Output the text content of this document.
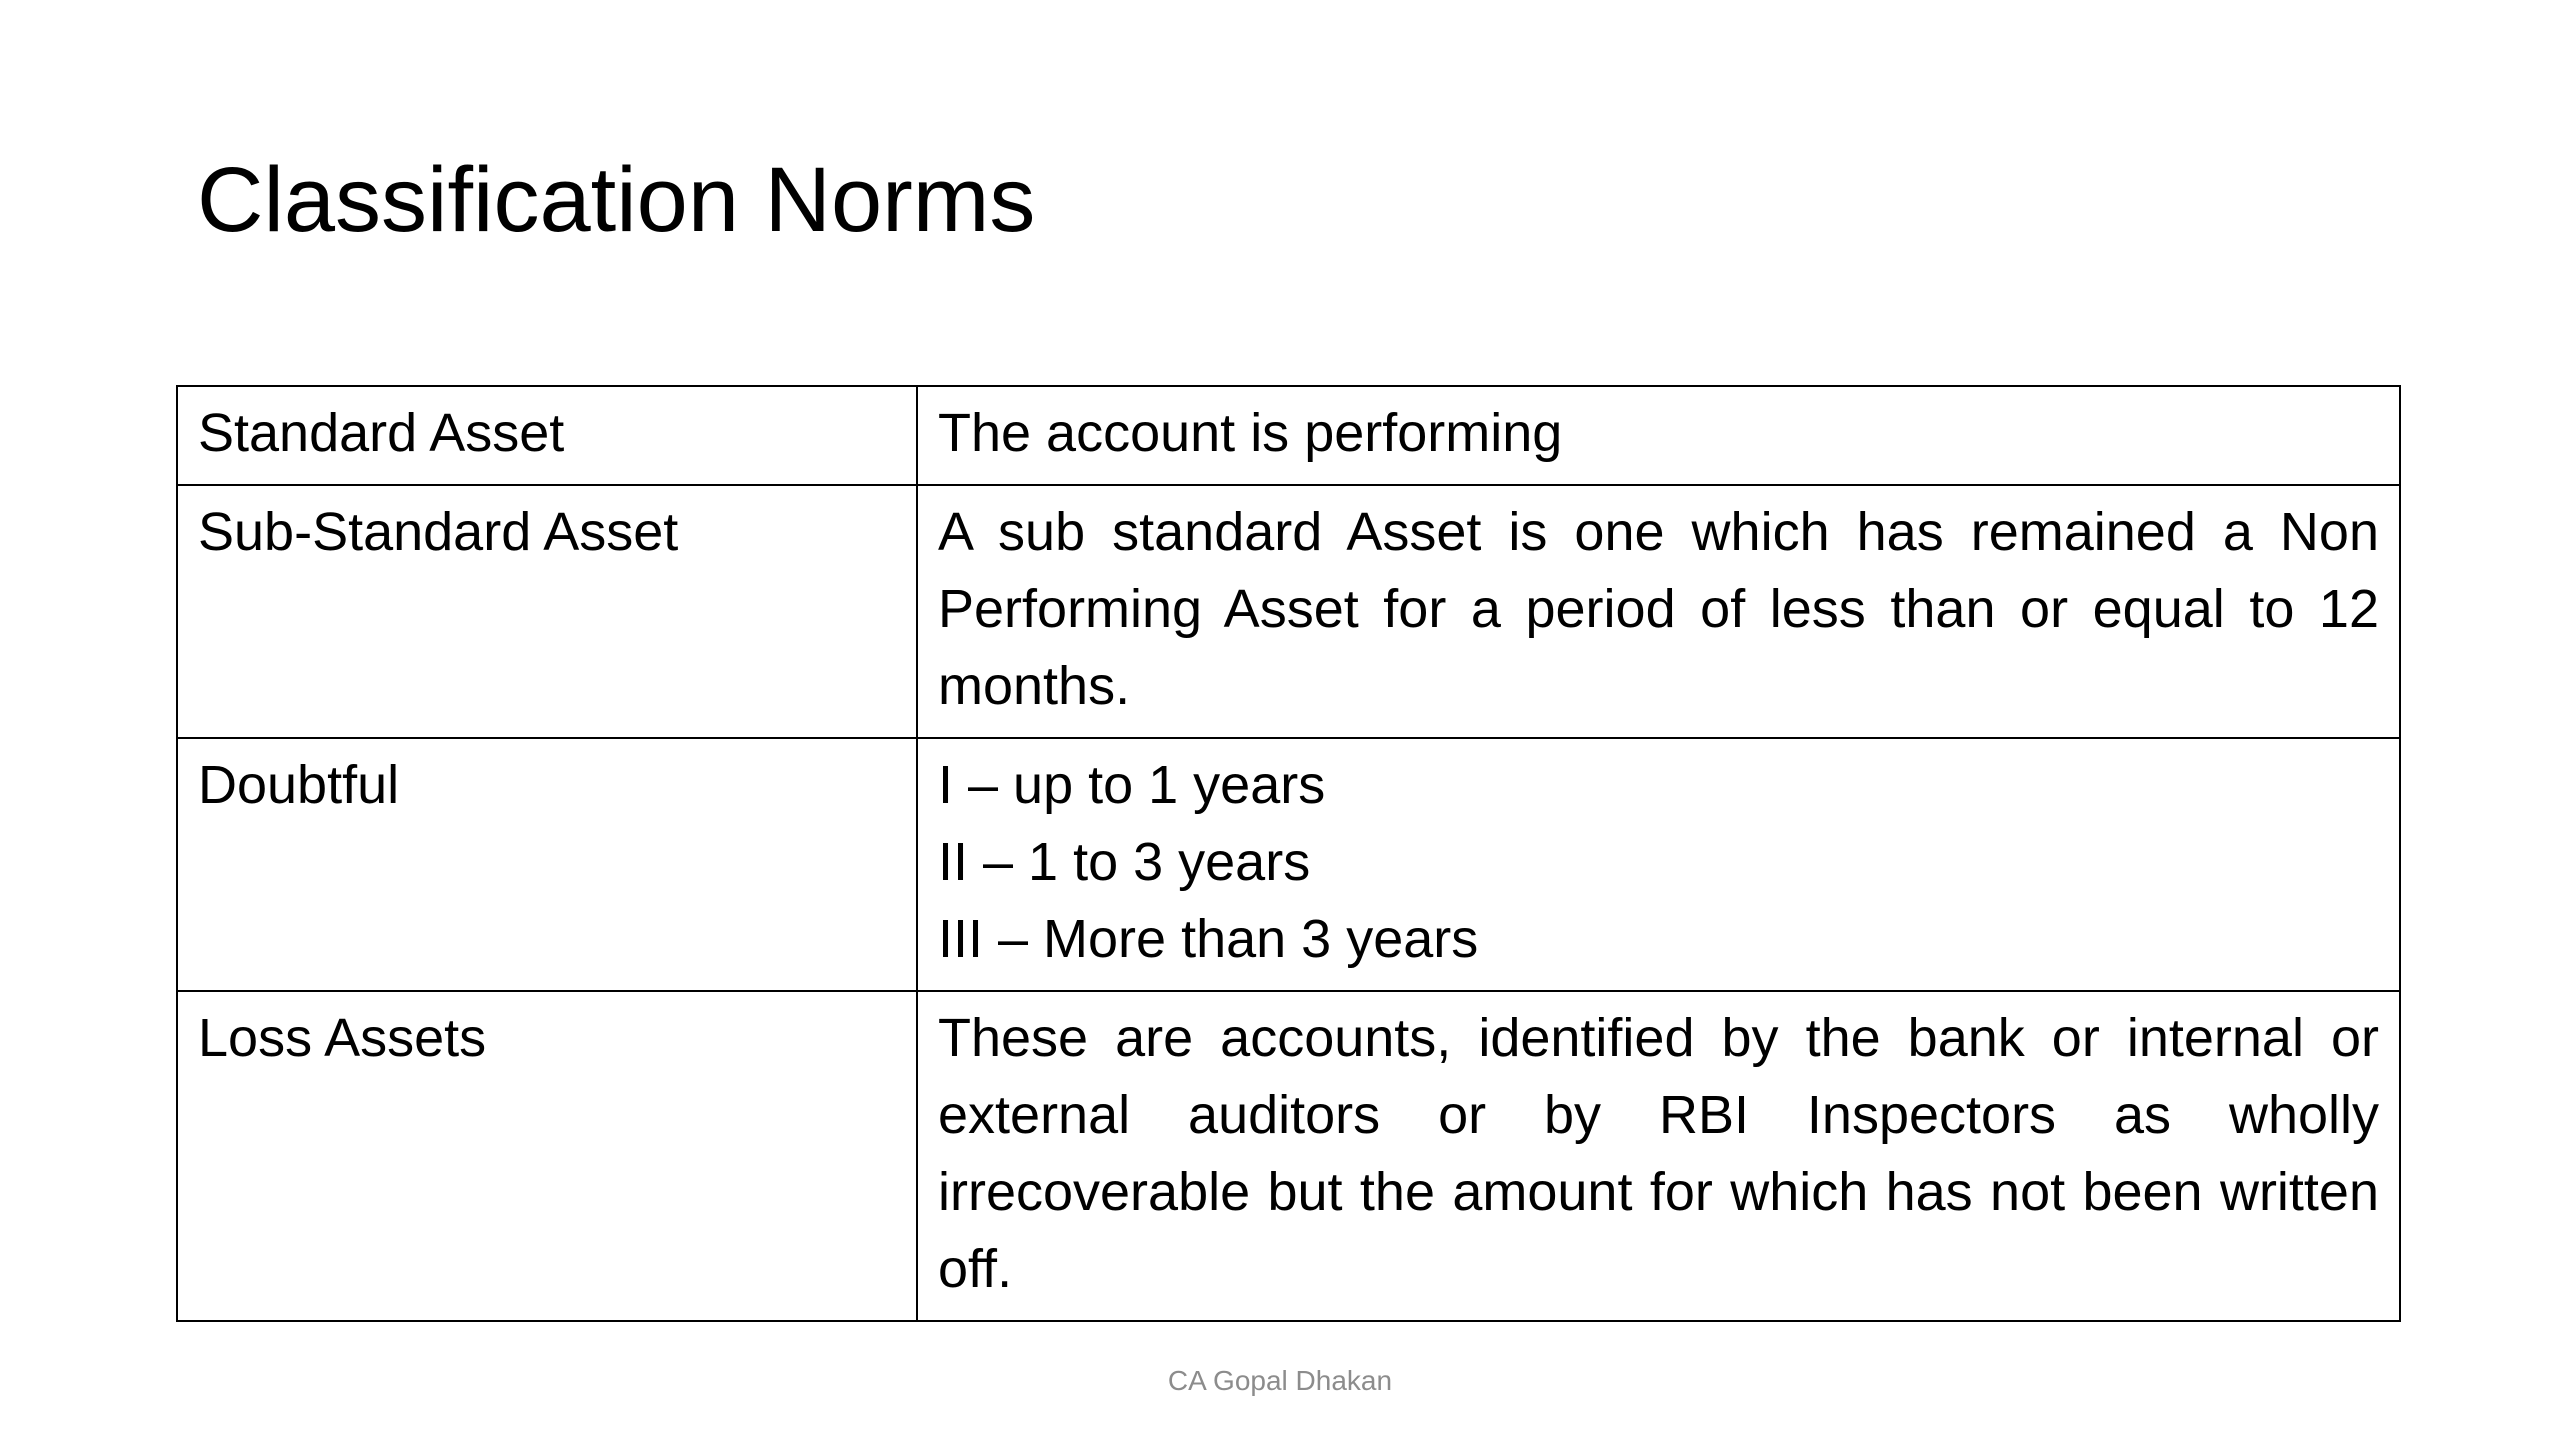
Classification Norms
Standard Asset	The account is performing
Sub-Standard Asset	A sub standard Asset is one which has remained a Non Performing Asset for a period of less than or equal to 12 months.
Doubtful	I – up to 1 years
II – 1 to 3 years
III – More than 3 years

Loss Assets	These are accounts, identified by the bank or internal or external auditors or by RBI Inspectors as wholly irrecoverable but the amount for which has not been written off.
CA Gopal Dhakan
